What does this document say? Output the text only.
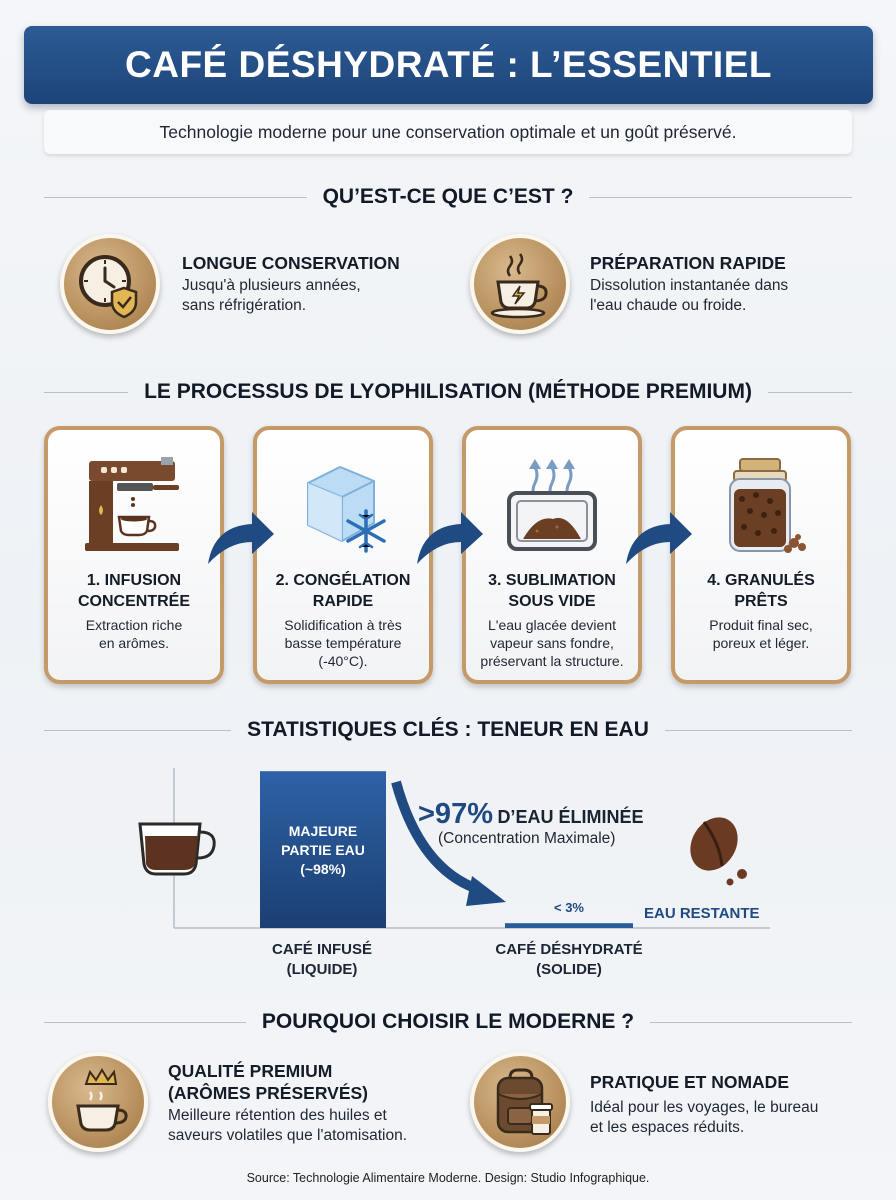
CAFÉ DÉSHYDRATÉ : L’ESSENTIEL
Technologie moderne pour une conservation optimale et un goût préservé.
QU’EST-CE QUE C’EST ?
LONGUE CONSERVATION
Jusqu'à plusieurs années,
sans réfrigération.
PRÉPARATION RAPIDE
Dissolution instantanée dans
l'eau chaude ou froide.
LE PROCESSUS DE LYOPHILISATION (MÉTHODE PREMIUM)
1. INFUSION
CONCENTRÉE
Extraction riche
en arômes.
2. CONGÉLATION
RAPIDE
Solidification à très
basse température
(-40°C).
3. SUBLIMATION
SOUS VIDE
L'eau glacée devient
vapeur sans fondre,
préservant la structure.
4. GRANULÉS
PRÊTS
Produit final sec,
poreux et léger.
STATISTIQUES CLÉS : TENEUR EN EAU
MAJEURE
PARTIE EAU
(~98%)
>97% D’EAU ÉLIMINÉE
(Concentration Maximale)
< 3%	EAU RESTANTE
CAFÉ INFUSÉ
(LIQUIDE)
CAFÉ DÉSHYDRATÉ
(SOLIDE)
POURQUOI CHOISIR LE MODERNE ?
QUALITÉ PREMIUM
(ARÔMES PRÉSERVÉS)
Meilleure rétention des huiles et
saveurs volatiles que l'atomisation.
PRATIQUE ET NOMADE
Idéal pour les voyages, le bureau
et les espaces réduits.
Source: Technologie Alimentaire Moderne. Design: Studio Infographique.
